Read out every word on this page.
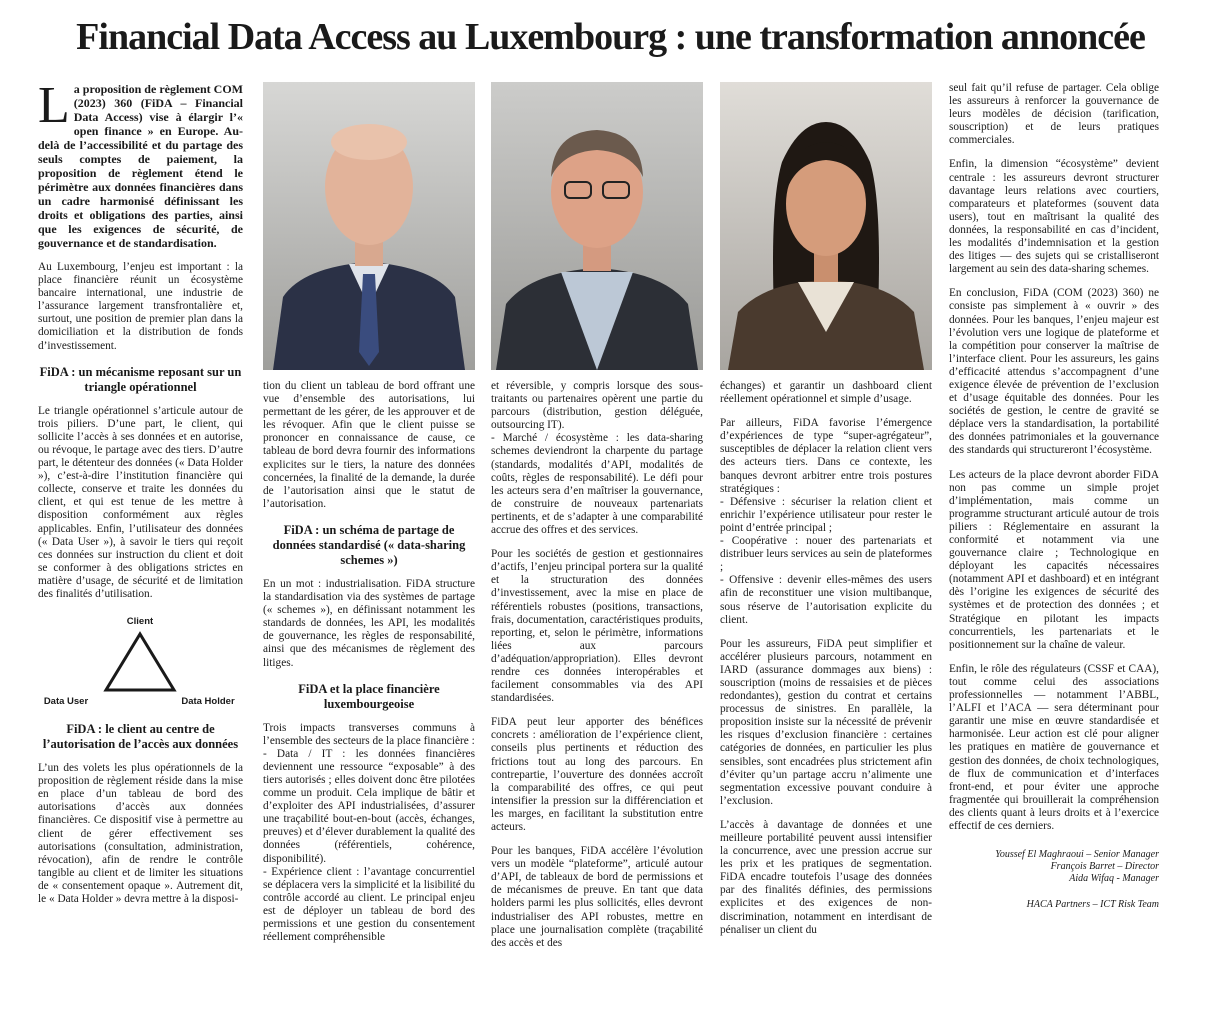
Financial Data Access au Luxembourg : une transformation annoncée

La proposition de règlement COM (2023) 360 (FiDA – Financial Data Access) vise à élargir l’« open finance » en Europe. Au-delà de l’accessibilité et du partage des seuls comptes de paiement, la proposition de règlement étend le périmètre aux données financières dans un cadre harmonisé définissant les droits et obligations des parties, ainsi que les exigences de sécurité, de gouvernance et de standardisation.

Au Luxembourg, l’enjeu est important : la place financière réunit un écosystème bancaire international, une industrie de l’assurance largement transfrontalière et, surtout, une position de premier plan dans la domiciliation et la distribution de fonds d’investissement.

FiDA : un mécanisme reposant sur un triangle opérationnel

Le triangle opérationnel s’articule autour de trois piliers. D’une part, le client, qui sollicite l’accès à ses données et en autorise, ou révoque, le partage avec des tiers. D’autre part, le détenteur des données (« Data Holder »), c’est-à-dire l’institution financière qui collecte, conserve et traite les données du client, et qui est tenue de les mettre à disposition conformément aux règles applicables. Enfin, l’utilisateur des données (« Data User »), à savoir le tiers qui reçoit ces données sur instruction du client et doit se conformer à des obligations strictes en matière d’usage, de sécurité et de limitation des finalités d’utilisation.

Client
Data User	Data Holder
FiDA : le client au centre de l’autorisation de l’accès aux données

L’un des volets les plus opérationnels de la proposition de règlement réside dans la mise en place d’un tableau de bord des autorisations d’accès aux données financières. Ce dispositif vise à permettre au client de gérer effectivement ses autorisations (consultation, administration, révocation), afin de rendre le contrôle tangible au client et de limiter les situations de « consentement opaque ». Autrement dit, le « Data Holder » devra mettre à la disposi-

tion du client un tableau de bord offrant une vue d’ensemble des autorisations, lui permettant de les gérer, de les approuver et de les révoquer. Afin que le client puisse se prononcer en connaissance de cause, ce tableau de bord devra fournir des informations explicites sur le tiers, la nature des données concernées, la finalité de la demande, la durée de l’autorisation ainsi que le statut de l’autorisation.

FiDA : un schéma de partage de données standardisé (« data-sharing schemes »)

En un mot : industrialisation. FiDA structure la standardisation via des systèmes de partage (« schemes »), en définissant notamment les standards de données, les API, les modalités de gouvernance, les règles de responsabilité, ainsi que des mécanismes de règlement des litiges.

FiDA et la place financière luxembourgeoise

Trois impacts transverses communs à l’ensemble des secteurs de la place financière :

- Data / IT : les données financières deviennent une ressource “exposable” à des tiers autorisés ; elles doivent donc être pilotées comme un produit. Cela implique de bâtir et d’exploiter des API industrialisées, d’assurer une traçabilité bout-en-bout (accès, échanges, preuves) et d’élever durablement la qualité des données (référentiels, cohérence, disponibilité).

- Expérience client : l’avantage concurrentiel se déplacera vers la simplicité et la lisibilité du contrôle accordé au client. Le principal enjeu est de déployer un tableau de bord des permissions et une gestion du consentement réellement compréhensible

et réversible, y compris lorsque des sous-traitants ou partenaires opèrent une partie du parcours (distribution, gestion déléguée, outsourcing IT).

- Marché / écosystème : les data-sharing schemes deviendront la charpente du partage (standards, modalités d’API, modalités de coûts, règles de responsabilité). Le défi pour les acteurs sera d’en maîtriser la gouvernance, de construire de nouveaux partenariats pertinents, et de s’adapter à une comparabilité accrue des offres et des services.

Pour les sociétés de gestion et gestionnaires d’actifs, l’enjeu principal portera sur la qualité et la structuration des données d’investissement, avec la mise en place de référentiels robustes (positions, transactions, frais, documentation, caractéristiques produits, reporting, et, selon le périmètre, informations liées aux parcours d’adéquation/appropriation). Elles devront rendre ces données interopérables et facilement consommables via des API standardisées.

FiDA peut leur apporter des bénéfices concrets : amélioration de l’expérience client, conseils plus pertinents et réduction des frictions tout au long des parcours. En contrepartie, l’ouverture des données accroît la comparabilité des offres, ce qui peut intensifier la pression sur la différenciation et les marges, en facilitant la substitution entre acteurs.

Pour les banques, FiDA accélère l’évolution vers un modèle “plateforme”, articulé autour d’API, de tableaux de bord de permissions et de mécanismes de preuve. En tant que data holders parmi les plus sollicités, elles devront industrialiser des API robustes, mettre en place une journalisation complète (traçabilité des accès et des

échanges) et garantir un dashboard client réellement opérationnel et simple d’usage.

Par ailleurs, FiDA favorise l’émergence d’expériences de type “super-agrégateur”, susceptibles de déplacer la relation client vers des acteurs tiers. Dans ce contexte, les banques devront arbitrer entre trois postures stratégiques :

- Défensive : sécuriser la relation client et enrichir l’expérience utilisateur pour rester le point d’entrée principal ;

- Coopérative : nouer des partenariats et distribuer leurs services au sein de plateformes ;

- Offensive : devenir elles-mêmes des users afin de reconstituer une vision multibanque, sous réserve de l’autorisation explicite du client.

Pour les assureurs, FiDA peut simplifier et accélérer plusieurs parcours, notamment en IARD (assurance dommages aux biens) : souscription (moins de ressaisies et de pièces redondantes), gestion du contrat et certains processus de sinistres. En parallèle, la proposition insiste sur la nécessité de prévenir les risques d’exclusion financière : certaines catégories de données, en particulier les plus sensibles, sont encadrées plus strictement afin d’éviter qu’un partage accru n’alimente une segmentation excessive pouvant conduire à l’exclusion.

L’accès à davantage de données et une meilleure portabilité peuvent aussi intensifier la concurrence, avec une pression accrue sur les prix et les pratiques de segmentation. FiDA encadre toutefois l’usage des données par des finalités définies, des permissions explicites et des exigences de non-discrimination, notamment en interdisant de pénaliser un client du

seul fait qu’il refuse de partager. Cela oblige les assureurs à renforcer la gouvernance de leurs modèles de décision (tarification, souscription) et de leurs pratiques commerciales.

Enfin, la dimension “écosystème” devient centrale : les assureurs devront structurer davantage leurs relations avec courtiers, comparateurs et plateformes (souvent data users), tout en maîtrisant la qualité des données, la responsabilité en cas d’incident, les modalités d’indemnisation et la gestion des litiges — des sujets qui se cristalliseront largement au sein des data-sharing schemes.

En conclusion, FiDA (COM (2023) 360) ne consiste pas simplement à « ouvrir » des données. Pour les banques, l’enjeu majeur est l’évolution vers une logique de plateforme et la compétition pour conserver la maîtrise de l’interface client. Pour les assureurs, les gains d’efficacité attendus s’accompagnent d’une exigence élevée de prévention de l’exclusion et d’usage équitable des données. Pour les sociétés de gestion, le centre de gravité se déplace vers la standardisation, la portabilité des données patrimoniales et la gouvernance des standards qui structureront l’écosystème.

Les acteurs de la place devront aborder FiDA non pas comme un simple projet d’implémentation, mais comme un programme structurant articulé autour de trois piliers : Réglementaire en assurant la conformité et notamment via une gouvernance claire ; Technologique en déployant les capacités nécessaires (notamment API et dashboard) et en intégrant dès l’origine les exigences de sécurité des systèmes et de protection des données ; et Stratégique en pilotant les impacts concurrentiels, les partenariats et le positionnement sur la chaîne de valeur.

Enfin, le rôle des régulateurs (CSSF et CAA), tout comme celui des associations professionnelles — notamment l’ABBL, l’ALFI et l’ACA — sera déterminant pour garantir une mise en œuvre standardisée et harmonisée. Leur action est clé pour aligner les pratiques en matière de gouvernance et gestion des données, de choix technologiques, de flux de communication et d’interfaces front-end, et pour éviter une approche fragmentée qui brouillerait la compréhension des clients quant à leurs droits et à l’exercice effectif de ces derniers.

Youssef El Maghraoui – Senior Manager
François Barret – Director
Aida Wifaq - Manager
HACA Partners – ICT Risk Team
